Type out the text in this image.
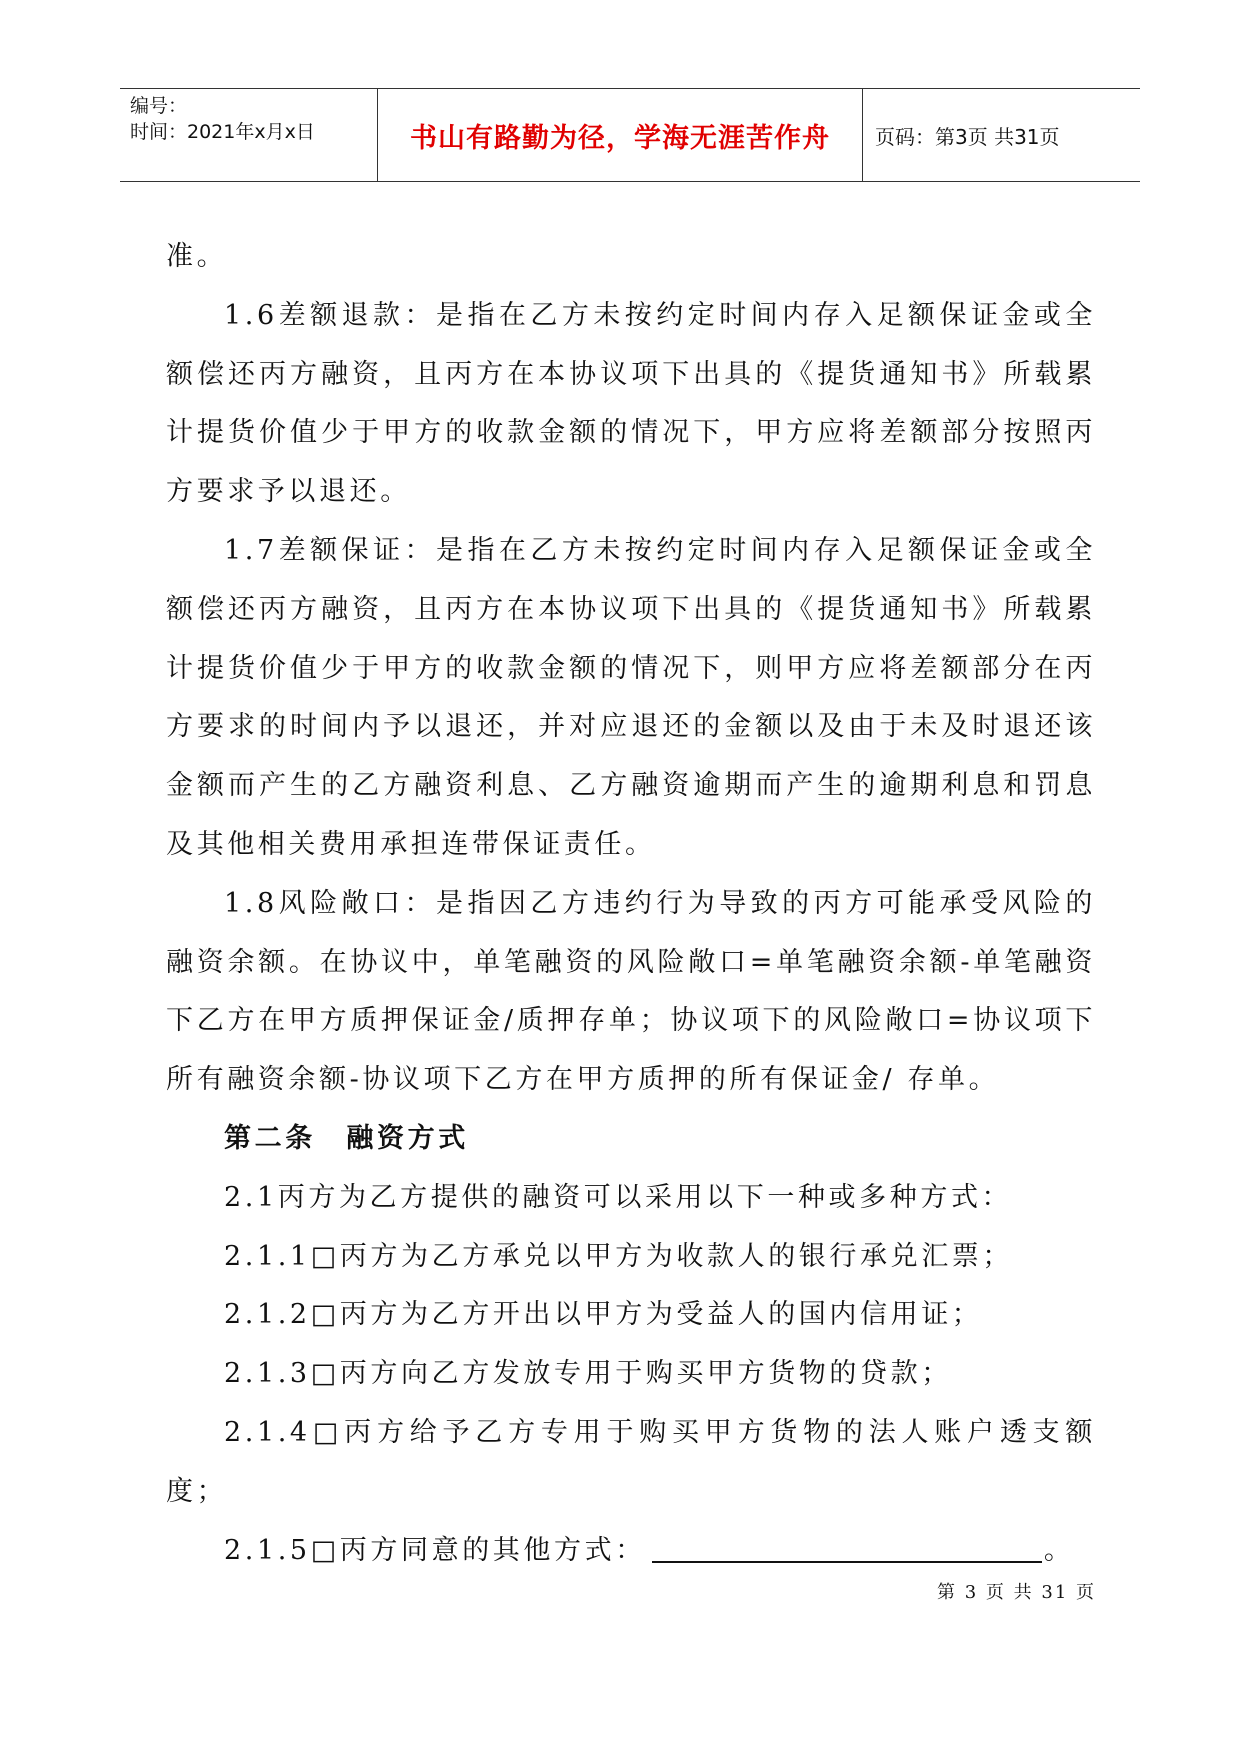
编号：
时间：2021年x月x日	书山有路勤为径，学海无涯苦作舟	页码：第3页 共31页

准。

1.6差额退款：是指在乙方未按约定时间内存入足额保证金或全额偿还丙方融资，且丙方在本协议项下出具的《提货通知书》所载累计提货价值少于甲方的收款金额的情况下，甲方应将差额部分按照丙方要求予以退还。

1.7差额保证：是指在乙方未按约定时间内存入足额保证金或全额偿还丙方融资，且丙方在本协议项下出具的《提货通知书》所载累计提货价值少于甲方的收款金额的情况下，则甲方应将差额部分在丙方要求的时间内予以退还，并对应退还的金额以及由于未及时退还该金额而产生的乙方融资利息、乙方融资逾期而产生的逾期利息和罚息及其他相关费用承担连带保证责任。

1.8风险敞口：是指因乙方违约行为导致的丙方可能承受风险的融资余额。在协议中，单笔融资的风险敞口=单笔融资余额-单笔融资下乙方在甲方质押保证金/质押存单；协议项下的风险敞口=协议项下所有融资余额-协议项下乙方在甲方质押的所有保证金/ 存单。

第二条　融资方式

2.1丙方为乙方提供的融资可以采用以下一种或多种方式：

2.1.1□丙方为乙方承兑以甲方为收款人的银行承兑汇票；

2.1.2□丙方为乙方开出以甲方为受益人的国内信用证；

2.1.3□丙方向乙方发放专用于购买甲方货物的贷款；

2.1.4□丙方给予乙方专用于购买甲方货物的法人账户透支额度；

2.1.5□丙方同意的其他方式：	。

第 3 页 共 31 页
